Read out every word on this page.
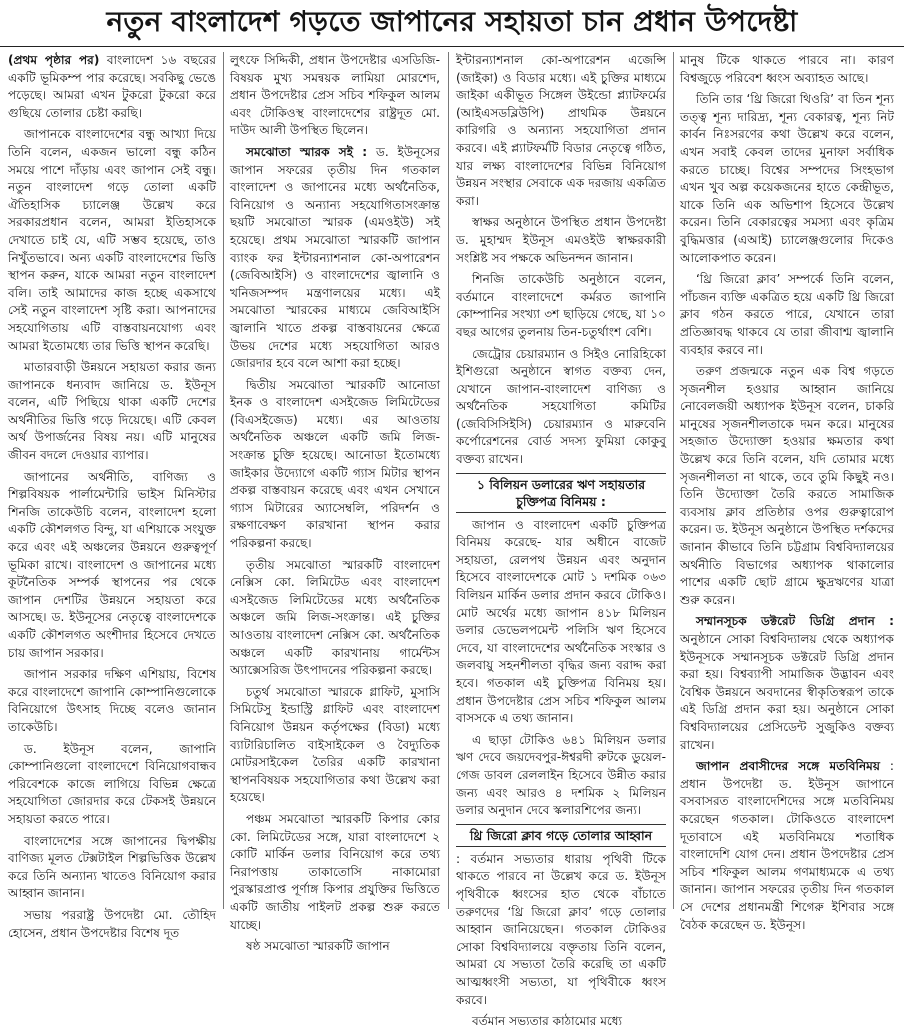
নতুন বাংলাদেশ গড়তে জাপানের সহায়তা চান প্রধান উপদেষ্টা

(প্রথম পৃষ্ঠার পর) বাংলাদেশ ১৬ বছরের একটি ভূমিকম্প পার করেছে। সবকিছু ভেঙে পড়েছে। আমরা এখন টুকরো টুকরো করে গুছিয়ে তোলার চেষ্টা করছি।

জাপানকে বাংলাদেশের বন্ধু আখ্যা দিয়ে তিনি বলেন, একজন ভালো বন্ধু কঠিন সময়ে পাশে দাঁড়ায় এবং জাপান সেই বন্ধু। নতুন বাংলাদেশ গড়ে তোলা একটি ঐতিহাসিক চ্যালেঞ্জ উল্লেখ করে সরকারপ্রধান বলেন, আমরা ইতিহাসকে দেখাতে চাই যে, এটি সম্ভব হয়েছে, তাও নিখুঁতভাবে। অন্য একটি বাংলাদেশের ভিত্তি স্থাপন করুন, যাকে আমরা নতুন বাংলাদেশ বলি। তাই আমাদের কাজ হচ্ছে একসাথে সেই নতুন বাংলাদেশ সৃষ্টি করা। আপনাদের সহযোগিতায় এটি বাস্তবায়নযোগ্য এবং আমরা ইতোমধ্যে তার ভিত্তি স্থাপন করেছি।

মাতারবাড়ী উন্নয়নে সহায়তা করার জন্য জাপানকে ধন্যবাদ জানিয়ে ড. ইউনূস বলেন, এটি পিছিয়ে থাকা একটি দেশের অর্থনীতির ভিত্তি গড়ে দিয়েছে। এটি কেবল অর্থ উপার্জনের বিষয় নয়। এটি মানুষের জীবন বদলে দেওয়ার ব্যাপার।

জাপানের অর্থনীতি, বাণিজ্য ও শিল্পবিষয়ক পার্লামেন্টারি ভাইস মিনিস্টার শিনজি তাকেউচি বলেন, বাংলাদেশ হলো একটি কৌশলগত বিন্দু, যা এশিয়াকে সংযুক্ত করে এবং এই অঞ্চলের উন্নয়নে গুরুত্বপূর্ণ ভূমিকা রাখে। বাংলাদেশ ও জাপানের মধ্যে কূটনৈতিক সম্পর্ক স্থাপনের পর থেকে জাপান দেশটির উন্নয়নে সহায়তা করে আসছে। ড. ইউনূসের নেতৃত্বে বাংলাদেশকে একটি কৌশলগত অংশীদার হিসেবে দেখতে চায় জাপান সরকার।

জাপান সরকার দক্ষিণ এশিয়ায়, বিশেষ করে বাংলাদেশে জাপানি কোম্পানিগুলোকে বিনিয়োগে উৎসাহ দিচ্ছে বলেও জানান তাকেউচি।

ড. ইউনূস বলেন, জাপানি কোম্পানিগুলো বাংলাদেশে বিনিয়োগবান্ধব পরিবেশকে কাজে লাগিয়ে বিভিন্ন ক্ষেত্রে সহযোগিতা জোরদার করে টেকসই উন্নয়নে সহায়তা করতে পারে।

বাংলাদেশের সঙ্গে জাপানের দ্বিপক্ষীয় বাণিজ্য মূলত টেক্সটাইল শিল্পভিত্তিক উল্লেখ করে তিনি অন্যান্য খাতেও বিনিয়োগ করার আহ্বান জানান।

সভায় পররাষ্ট্র উপদেষ্টা মো. তৌহিদ হোসেন, প্রধান উপদেষ্টার বিশেষ দূত

লুৎফে সিদ্দিকী, প্রধান উপদেষ্টার এসডিজি-বিষয়ক মুখ্য সমন্বয়ক লামিয়া মোরশেদ, প্রধান উপদেষ্টার প্রেস সচিব শফিকুল আলম এবং টোকিওস্থ বাংলাদেশের রাষ্ট্রদূত মো. দাউদ আলী উপস্থিত ছিলেন।

সমঝোতা স্মারক সই : ড. ইউনূসের জাপান সফরের তৃতীয় দিন গতকাল বাংলাদেশ ও জাপানের মধ্যে অর্থনৈতিক, বিনিয়োগ ও অন্যান্য সহযোগিতাসংক্রান্ত ছয়টি সমঝোতা স্মারক (এমওইউ) সই হয়েছে। প্রথম সমঝোতা স্মারকটি জাপান ব্যাংক ফর ইন্টারন্যাশনাল কো-অপারেশন (জেবিআইসি) ও বাংলাদেশের জ্বালানি ও খনিজসম্পদ মন্ত্রণালয়ের মধ্যে। এই সমঝোতা স্মারকের মাধ্যমে জেবিআইসি জ্বালানি খাতে প্রকল্প বাস্তবায়নের ক্ষেত্রে উভয় দেশের মধ্যে সহযোগিতা আরও জোরদার হবে বলে আশা করা হচ্ছে।

দ্বিতীয় সমঝোতা স্মারকটি আনোডা ইনক ও বাংলাদেশ এসইজেড লিমিটেডের (বিএসইজেড) মধ্যে। এর আওতায় অর্থনৈতিক অঞ্চলে একটি জমি লিজ-সংক্রান্ত চুক্তি হয়েছে। আনোডা ইতোমধ্যে জাইকার উদ্যোগে একটি গ্যাস মিটার স্থাপন প্রকল্প বাস্তবায়ন করেছে এবং এখন সেখানে গ্যাস মিটারের অ্যাসেম্বলি, পরিদর্শন ও রক্ষণাবেক্ষণ কারখানা স্থাপন করার পরিকল্পনা করছে।

তৃতীয় সমঝোতা স্মারকটি বাংলাদেশ নেক্সিস কো. লিমিটেড এবং বাংলাদেশ এসইজেড লিমিটেডের মধ্যে অর্থনৈতিক অঞ্চলে জমি লিজ-সংক্রান্ত। এই চুক্তির আওতায় বাংলাদেশ নেক্সিস কো. অর্থনৈতিক অঞ্চলে একটি কারখানায় গার্মেন্টস অ্যাক্সেসরিজ উৎপাদনের পরিকল্পনা করছে।

চতুর্থ সমঝোতা স্মারকে গ্লাফিট, মুসাসি সিমিটেসু ইন্ডাস্ট্রি গ্লাফিট এবং বাংলাদেশ বিনিয়োগ উন্নয়ন কর্তৃপক্ষের (বিডা) মধ্যে ব্যাটারিচালিত বাইসাইকেল ও বৈদ্যুতিক মোটরসাইকেল তৈরির একটি কারখানা স্থাপনবিষয়ক সহযোগিতার কথা উল্লেখ করা হয়েছে।

পঞ্চম সমঝোতা স্মারকটি কিপার কোর কো. লিমিটেডের সঙ্গে, যারা বাংলাদেশে ২ কোটি মার্কিন ডলার বিনিয়োগ করে তথ্য নিরাপত্তায় তাকাতোসি নাকামোরা পুরস্কারপ্রাপ্ত পূর্ণাঙ্গ কিপার প্রযুক্তির ভিত্তিতে একটি জাতীয় পাইলট প্রকল্প শুরু করতে যাচ্ছে।

ষষ্ঠ সমঝোতা স্মারকটি জাপান

ইন্টারন্যাশনাল কো-অপারেশন এজেন্সি (জাইকা) ও বিডার মধ্যে। এই চুক্তির মাধ্যমে জাইকা একীভূত সিঙ্গেল উইন্ডো প্ল্যাটফর্মের (আইএসডব্লিউপি) প্রাথমিক উন্নয়নে কারিগরি ও অন্যান্য সহযোগিতা প্রদান করবে। এই প্ল্যাটফর্মটি বিডার নেতৃত্বে গঠিত, যার লক্ষ্য বাংলাদেশের বিভিন্ন বিনিয়োগ উন্নয়ন সংস্থার সেবাকে এক দরজায় একত্রিত করা।

স্বাক্ষর অনুষ্ঠানে উপস্থিত প্রধান উপদেষ্টা ড. মুহাম্মদ ইউনূস এমওইউ স্বাক্ষরকারী সংশ্লিষ্ট সব পক্ষকে অভিনন্দন জানান।

শিনজি তাকেউচি অনুষ্ঠানে বলেন, বর্তমানে বাংলাদেশে কর্মরত জাপানি কোম্পানির সংখ্যা ৩শ ছাড়িয়ে গেছে, যা ১০ বছর আগের তুলনায় তিন-চতুর্থাংশ বেশি।

জেট্রোর চেয়ারম্যান ও সিইও নোরিহিকো ইশিগুরো অনুষ্ঠানে স্বাগত বক্তব্য দেন, যেখানে জাপান-বাংলাদেশ বাণিজ্য ও অর্থনৈতিক সহযোগিতা কমিটির (জেবিসিসিইসি) চেয়ারম্যান ও মারুবেনি কর্পোরেশনের বোর্ড সদস্য ফুমিয়া কোকুবু বক্তব্য রাখেন।

১ বিলিয়ন ডলারের ঋণ সহায়তার চুক্তিপত্র বিনিময় :

জাপান ও বাংলাদেশ একটি চুক্তিপত্র বিনিময় করেছে- যার অধীনে বাজেট সহায়তা, রেলপথ উন্নয়ন এবং অনুদান হিসেবে বাংলাদেশকে মোট ১ দশমিক ০৬৩ বিলিয়ন মার্কিন ডলার প্রদান করবে টোকিও। মোট অর্থের মধ্যে জাপান ৪১৮ মিলিয়ন ডলার ডেভেলপমেন্ট পলিসি ঋণ হিসেবে দেবে, যা বাংলাদেশের অর্থনৈতিক সংস্কার ও জলবায়ু সহনশীলতা বৃদ্ধির জন্য বরাদ্দ করা হবে। গতকাল এই চুক্তিপত্র বিনিময় হয়। প্রধান উপদেষ্টার প্রেস সচিব শফিকুল আলম বাসসকে এ তথ্য জানান।

এ ছাড়া টোকিও ৬৪১ মিলিয়ন ডলার ঋণ দেবে জয়দেবপুর-ঈশ্বরদী রুটকে ডুয়েল-গেজ ডাবল রেললাইন হিসেবে উন্নীত করার জন্য এবং আরও ৪ দশমিক ২ মিলিয়ন ডলার অনুদান দেবে স্কলারশিপের জন্য।

থ্রি জিরো ক্লাব গড়ে তোলার আহ্বান

: বর্তমান সভ্যতার ধারায় পৃথিবী টিকে থাকতে পারবে না উল্লেখ করে ড. ইউনূস পৃথিবীকে ধ্বংসের হাত থেকে বাঁচাতে তরুণদের ‘থ্রি জিরো ক্লাব’ গড়ে তোলার আহ্বান জানিয়েছেন। গতকাল টোকিওর সোকা বিশ্ববিদ্যালয়ে বক্তৃতায় তিনি বলেন, আমরা যে সভ্যতা তৈরি করেছি তা একটি আত্মধ্বংসী সভ্যতা, যা পৃথিবীকে ধ্বংস করবে।

বর্তমান সভ্যতার কাঠামোর মধ্যে

মানুষ টিকে থাকতে পারবে না। কারণ বিশ্বজুড়ে পরিবেশ ধ্বংস অব্যাহত আছে।

তিনি তার ‘থ্রি জিরো থিওরি’ বা তিন শূন্য তত্ত্ব শূন্য দারিদ্র্য, শূন্য বেকারত্ব, শূন্য নিট কার্বন নিঃসরণের কথা উল্লেখ করে বলেন, এখন সবাই কেবল তাদের মুনাফা সর্বাধিক করতে চাচ্ছে। বিশ্বের সম্পদের সিংহভাগ এখন খুব অল্প কয়েকজনের হাতে কেন্দ্রীভূত, যাকে তিনি এক অভিশাপ হিসেবে উল্লেখ করেন। তিনি বেকারত্বের সমস্যা এবং কৃত্রিম বুদ্ধিমত্তার (এআই) চ্যালেঞ্জগুলোর দিকেও আলোকপাত করেন।

‘থ্রি জিরো ক্লাব’ সম্পর্কে তিনি বলেন, পাঁচজন ব্যক্তি একত্রিত হয়ে একটি থ্রি জিরো ক্লাব গঠন করতে পারে, যেখানে তারা প্রতিজ্ঞাবদ্ধ থাকবে যে তারা জীবাশ্ম জ্বালানি ব্যবহার করবে না।

তরুণ প্রজন্মকে নতুন এক বিশ্ব গড়তে সৃজনশীল হওয়ার আহ্বান জানিয়ে নোবেলজয়ী অধ্যাপক ইউনূস বলেন, চাকরি মানুষের সৃজনশীলতাকে দমন করে। মানুষের সহজাত উদ্যোক্তা হওয়ার ক্ষমতার কথা উল্লেখ করে তিনি বলেন, যদি তোমার মধ্যে সৃজনশীলতা না থাকে, তবে তুমি কিছুই নও। তিনি উদ্যোক্তা তৈরি করতে সামাজিক ব্যবসায় ক্লাব প্রতিষ্ঠার ওপর গুরুত্বারোপ করেন। ড. ইউনূস অনুষ্ঠানে উপস্থিত দর্শকদের জানান কীভাবে তিনি চট্টগ্রাম বিশ্ববিদ্যালয়ের অর্থনীতি বিভাগের অধ্যাপক থাকালোর পাশের একটি ছোট গ্রামে ক্ষুদ্রঋণের যাত্রা শুরু করেন।

সম্মানসূচক ডক্টরেট ডিগ্রি প্রদান : অনুষ্ঠানে সোকা বিশ্ববিদ্যালয় থেকে অধ্যাপক ইউনূসকে সম্মানসূচক ডক্টরেট ডিগ্রি প্রদান করা হয়। বিশ্বব্যাপী সামাজিক উদ্ভাবন এবং বৈশ্বিক উন্নয়নে অবদানের স্বীকৃতিস্বরূপ তাকে এই ডিগ্রি প্রদান করা হয়। অনুষ্ঠানে সোকা বিশ্ববিদ্যালয়ের প্রেসিডেন্ট সুজুকিও বক্তব্য রাখেন।

জাপান প্রবাসীদের সঙ্গে মতবিনিময় : প্রধান উপদেষ্টা ড. ইউনূস জাপানে বসবাসরত বাংলাদেশিদের সঙ্গে মতবিনিময় করেছেন গতকাল। টোকিওতে বাংলাদেশ দূতাবাসে এই মতবিনিময়ে শতাধিক বাংলাদেশি যোগ দেন। প্রধান উপদেষ্টার প্রেস সচিব শফিকুল আলম গণমাধ্যমকে এ তথ্য জানান। জাপান সফরের তৃতীয় দিন গতকাল সে দেশের প্রধানমন্ত্রী শিগেরু ইশিবার সঙ্গে বৈঠক করেছেন ড. ইউনূস।
